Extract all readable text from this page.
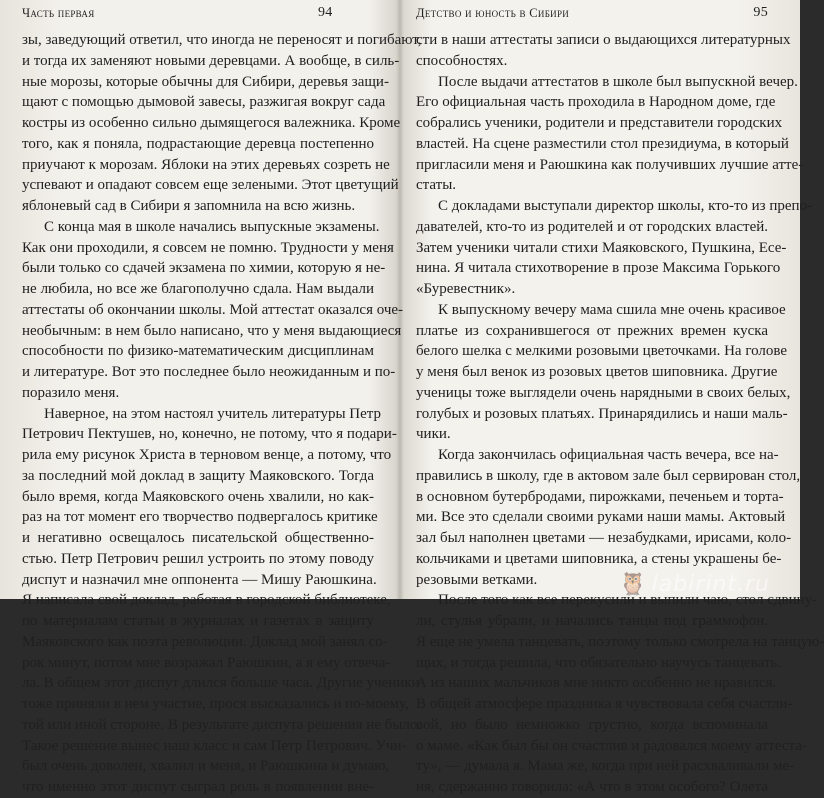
Часть первая	94
зы, заведующий ответил, что иногда не переносят и погибают,
и тогда их заменяют новыми деревцами. А вообще, в силь-
ные морозы, которые обычны для Сибири, деревья защи-
щают с помощью дымовой завесы, разжигая вокруг сада
костры из особенно сильно дымящегося валежника. Кроме
того, как я поняла, подрастающие деревца постепенно
приучают к морозам. Яблоки на этих деревьях созреть не
успевают и опадают совсем еще зелеными. Этот цветущий
яблоневый сад в Сибири я запомнила на всю жизнь.
С конца мая в школе начались выпускные экзамены.
Как они проходили, я совсем не помню. Трудности у меня
были только со сдачей экзамена по химии, которую я не-
не любила, но все же благополучно сдала. Нам выдали
аттестаты об окончании школы. Мой аттестат оказался оче-
необычным: в нем было написано, что у меня выдающиеся
способности по физико-математическим дисциплинам
и литературе. Вот это последнее было неожиданным и по-
поразило меня.
Наверное, на этом настоял учитель литературы Петр
Петрович Пектушев, но, конечно, не потому, что я подари-
рила ему рисунок Христа в терновом венце, а потому, что
за последний мой доклад в защиту Маяковского. Тогда
было время, когда Маяковского очень хвалили, но как-
раз на тот момент его творчество подвергалось критике
и негативно освещалось писательской общественно-
стью. Петр Петрович решил устроить по этому поводу
диспут и назначил мне оппонента — Мишу Раюшкина.
Я написала свой доклад, работая в городской библиотеке,
по материалам статьи в журналах и газетах в защиту
Маяковского как поэта революции. Доклад мой занял со-
рок минут, потом мне возражал Раюшкин, а я ему отвеча-
ла. В общем этот диспут длился больше часа. Другие ученики
тоже приняли в нем участие, прося высказались и по-моему,
той или иной стороне. В результате диспута решения не было.
Такое решение вынес наш класс и сам Петр Петрович. Учи-
был очень доволен, хвалил и меня, и Раюшкина и думаю,
что именно этот диспут сыграл роль в появлении вне-
Детство и юность в Сибири	95
сти в наши аттестаты записи о выдающихся литературных
способностях.
После выдачи аттестатов в школе был выпускной вечер.
Его официальная часть проходила в Народном доме, где
собрались ученики, родители и представители городских
властей. На сцене разместили стол президиума, в который
пригласили меня и Раюшкина как получивших лучшие атте-
статы.
С докладами выступали директор школы, кто-то из препо-
давателей, кто-то из родителей и от городских властей.
Затем ученики читали стихи Маяковского, Пушкина, Есе-
нина. Я читала стихотворение в прозе Максима Горького
«Буревестник».
К выпускному вечеру мама сшила мне очень красивое
платье из сохранившегося от прежних времен куска
белого шелка с мелкими розовыми цветочками. На голове
у меня был венок из розовых цветов шиповника. Другие
ученицы тоже выглядели очень нарядными в своих белых,
голубых и розовых платьях. Принарядились и наши маль-
чики.
Когда закончилась официальная часть вечера, все на-
правились в школу, где в актовом зале был сервирован стол,
в основном бутербродами, пирожками, печеньем и торта-
ми. Все это сделали своими руками наши мамы. Актовый
зал был наполнен цветами — незабудками, ирисами, коло-
кольчиками и цветами шиповника, а стены украшены бе-
резовыми ветками.
После того как все перекусили и выпили чаю, стол сдвину-
ли, стулья убрали, и начались танцы под граммофон.
Я еще не умела танцевать, поэтому только смотрела на танцую-
щих, и тогда решила, что обязательно научусь танцевать.
А из наших мальчиков мне никто особенно не нравился.
В общей атмосфере праздника я чувствовала себя счастли-
вой, но было немножко грустно, когда вспоминала
о маме. «Как был бы он счастлив и радовался моему аттеста-
ту», — думала я. Мама же, когда при ней расхваливали ме-
ня, сдержанно говорила: «А что в этом особого? Олета
🦉 labirint.ru
